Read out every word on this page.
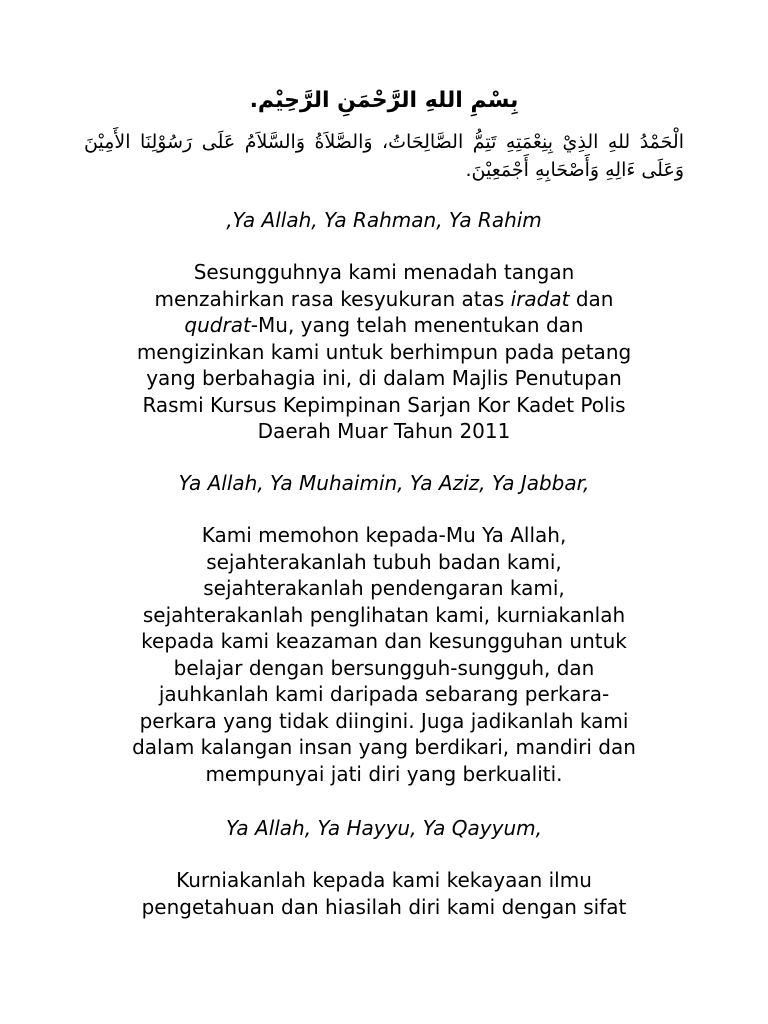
بِسْمِ اللهِ الرَّحْمَنِ الرَّحِيْم.
الْحَمْدُ للهِ الذِيْ بِنِعْمَتِهِ تَتِمُّ الصَّالِحَاتُ، وَالصَّلاَةُ وَالسَّلاَمُ عَلَى رَسُوْلِنَا الأَمِيْنَ وَعَلَى ءَالِهِ وَأَصْحَابِهِ أَجْمَعِيْنَ.
,Ya Allah, Ya Rahman, Ya Rahim
Sesungguhnya kami menadah tangan
menzahirkan rasa kesyukuran atas iradat dan
qudrat-Mu, yang telah menentukan dan
mengizinkan kami untuk berhimpun pada petang
yang berbahagia ini, di dalam Majlis Penutupan
Rasmi Kursus Kepimpinan Sarjan Kor Kadet Polis
Daerah Muar Tahun 2011
Ya Allah, Ya Muhaimin, Ya Aziz, Ya Jabbar,
Kami memohon kepada-Mu Ya Allah,
sejahterakanlah tubuh badan kami,
sejahterakanlah pendengaran kami,
sejahterakanlah penglihatan kami, kurniakanlah
kepada kami keazaman dan kesungguhan untuk
belajar dengan bersungguh-sungguh, dan
jauhkanlah kami daripada sebarang perkara-
perkara yang tidak diingini. Juga jadikanlah kami
dalam kalangan insan yang berdikari, mandiri dan
mempunyai jati diri yang berkualiti.
Ya Allah, Ya Hayyu, Ya Qayyum,
Kurniakanlah kepada kami kekayaan ilmu
pengetahuan dan hiasilah diri kami dengan sifat
